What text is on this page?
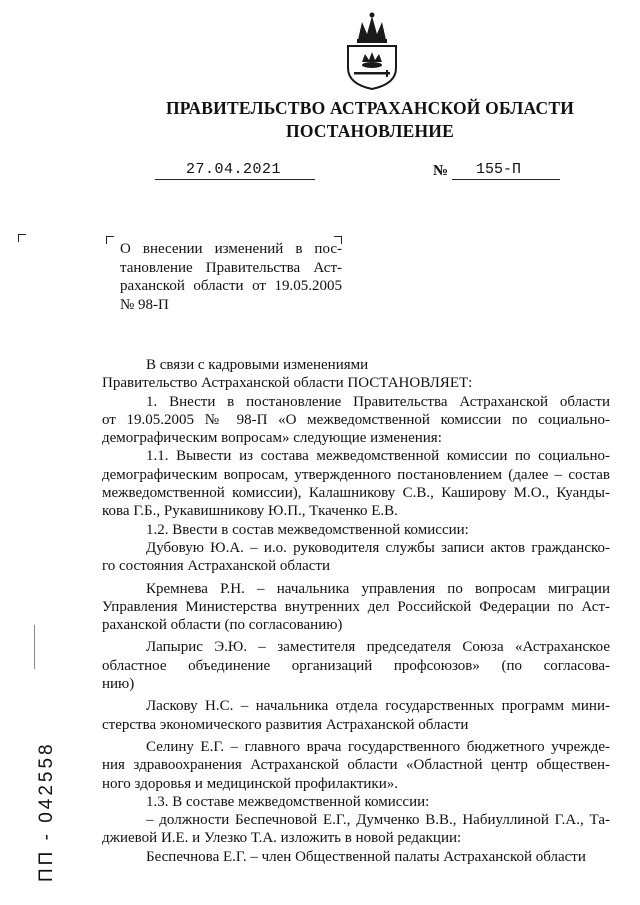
ПРАВИТЕЛЬСТВО АСТРАХАНСКОЙ ОБЛАСТИ
ПОСТАНОВЛЕНИЕ
27.04.2021	№ 155-П
О внесении изменений в пос-
тановление Правительства Аст-
раханской области от 19.05.2005
№ 98-П
В связи с кадровыми изменениями
Правительство Астраханской области ПОСТАНОВЛЯЕТ:
1. Внести в постановление Правительства Астраханской области
от 19.05.2005 № 98-П «О межведомственной комиссии по социально-
демографическим вопросам» следующие изменения:
1.1. Вывести из состава межведомственной комиссии по социально-
демографическим вопросам, утвержденного постановлением (далее – состав
межведомственной комиссии), Калашникову С.В., Каширову М.О., Куанды-
кова Г.Б., Рукавишникову Ю.П., Ткаченко Е.В.
1.2. Ввести в состав межведомственной комиссии:
Дубовую Ю.А. – и.о. руководителя службы записи актов гражданско-
го состояния Астраханской области
Кремнева Р.Н. – начальника управления по вопросам миграции
Управления Министерства внутренних дел Российской Федерации по Аст-
раханской области (по согласованию)
Лапырис Э.Ю. – заместителя председателя Союза «Астраханское
областное объединение организаций профсоюзов» (по согласова-
нию)
Ласкову Н.С. – начальника отдела государственных программ мини-
стерства экономического развития Астраханской области
Селину Е.Г. – главного врача государственного бюджетного учрежде-
ния здравоохранения Астраханской области «Областной центр обществен-
ного здоровья и медицинской профилактики».
1.3. В составе межведомственной комиссии:
– должности Беспечновой Е.Г., Думченко В.В., Набиуллиной Г.А., Та-
джиевой И.Е. и Улезко Т.А. изложить в новой редакции:
Беспечнова Е.Г. – член Общественной палаты Астраханской области
ПП - 042558
